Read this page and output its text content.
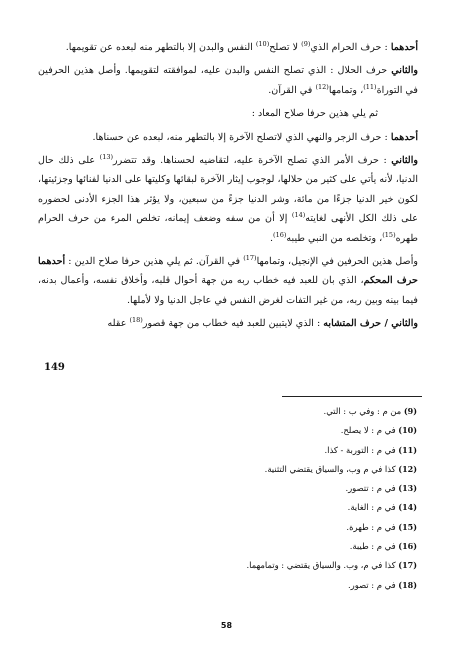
أحدهما : حرف الحرام الذي$^{(9)}$ لا تصلح$^{(10)}$ النفس والبدن إلا بالتطهر منه لبعده عن تقويمها.

والثاني حرف الحلال : الذي تصلح النفس والبدن عليه، لموافقته لتقويمها. وأصل هذين الحرفين في التوراة$^{(11)}$، وتمامها$^{(12)}$ في القرآن.

ثم يلي هذين حرفا صلاح المعاد :

أحدهما : حرف الزجر والنهي الذي لاتصلح الآخرة إلا بالتطهر منه، لبعده عن حسناها.

والثاني : حرف الأمر الذي تصلح الآخرة عليه، لتقاضيه لحسناها. وقد تتضرر$^{(13)}$ على ذلك حال الدنيا، لأنه يأتي على كثير من حلالها، لوجوب إيثار الآخرة لبقائها وكليتها على الدنيا لفنائها وجزئيتها، لكون خير الدنيا جزءًا من مائة، وشر الدنيا جزءً من سبعين، ولا يؤثر هذا الجزء الأدنى لحضوره على ذلك الكل الأنهى لغايته$^{(14)}$ إلا أن من سفه وضعف إيمانه، تخلص المرء من حرف الحرام طهره$^{(15)}$، وتخلصه من النبي طيبه$^{(16)}$.

وأصل هذين الحرفين في الإنجيل، وتمامها$^{(17)}$ في القرآن. ثم يلي هذين حرفا صلاح الدين : أحدهما حرف المحكم، الذي بان للعبد فيه خطاب ربه من جهة أحوال قلبه، وأخلاق نفسه، وأعمال بدنه، فيما بينه وبين ربه، من غير التفات لغرض النفس في عاجل الدنيا ولا لأملها.

والثاني / حرف المتشابه : الذي لايتبين للعبد فيه خطاب من جهة قصور$^{(18)}$ عقله

149
(9) من م : وفي ب : التي.
(10) في م : لا يصلح.
(11) في م : التوربة - كذا.
(12) كذا في م وب، والسياق يقتضي التثنية.
(13) في م : تتصور.
(14) في م : الغاية.
(15) في م : طهرة.
(16) في م : طيبة.
(17) كذا في م، وب. والسياق يقتضي : وتمامهما.
(18) في م : تصور.
58
